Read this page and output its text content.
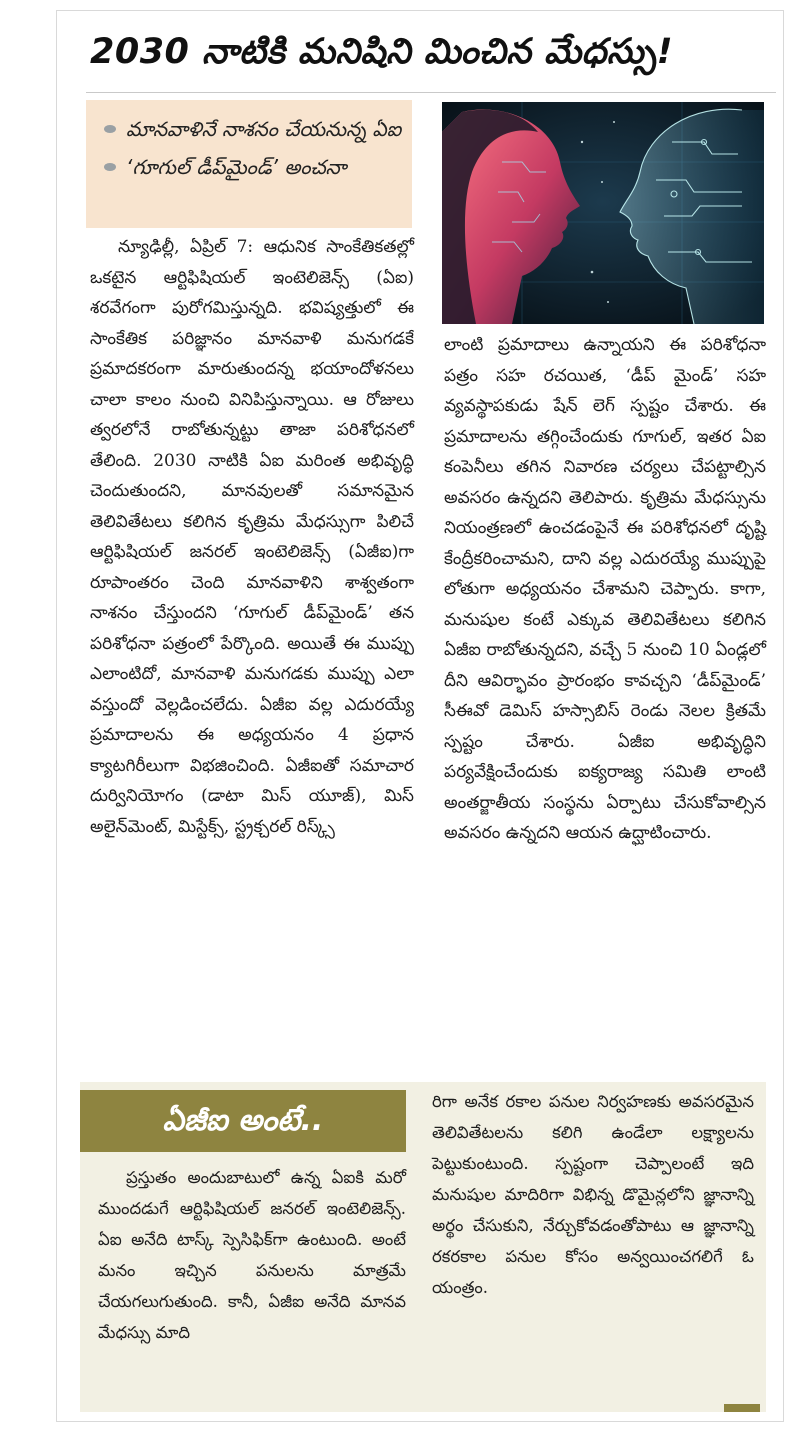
2030 నాటికి మనిషిని మించిన మేధస్సు!
మానవాళినే నాశనం చేయనున్న ఏఐ
‘గూగుల్ డీప్‌మైండ్’ అంచనా

న్యూఢిల్లీ, ఏప్రిల్ 7: ఆధునిక సాంకేతికతల్లో ఒకటైన ఆర్టిఫిషియల్ ఇంటెలిజెన్స్ (ఏఐ) శరవేగంగా పురోగమిస్తున్నది. భవిష్యత్తులో ఈ సాంకేతిక పరిజ్ఞానం మానవాళి మనుగడకే ప్రమాదకరంగా మారుతుందన్న భయాందోళనలు చాలా కాలం నుంచి వినిపిస్తున్నాయి. ఆ రోజులు త్వరలోనే రాబోతున్నట్టు తాజా పరిశోధనలో తేలింది. 2030 నాటికి ఏఐ మరింత అభివృద్ధి చెందుతుందని, మానవులతో సమానమైన తెలివితేటలు కలిగిన కృత్రిమ మేధస్సుగా పిలిచే ఆర్టిఫిషియల్ జనరల్ ఇంటెలిజెన్స్ (ఏజీఐ)గా రూపాంతరం చెంది మానవాళిని శాశ్వతంగా నాశనం చేస్తుందని ‘గూగుల్ డీప్‌మైండ్’ తన పరిశోధనా పత్రంలో పేర్కొంది. అయితే ఈ ముప్పు ఎలాంటిదో, మానవాళి మనుగడకు ముప్పు ఎలా వస్తుందో వెల్లడించలేదు. ఏజీఐ వల్ల ఎదురయ్యే ప్రమాదాలను ఈ అధ్యయనం 4 ప్రధాన క్యాటగిరీలుగా విభజించింది. ఏజీఐతో సమాచార దుర్వినియోగం (డాటా మిస్ యూజ్), మిస్ అలైన్‌మెంట్, మిస్టేక్స్, స్ట్రక్చరల్ రిస్క్స్

లాంటి ప్రమాదాలు ఉన్నాయని ఈ పరిశోధనా పత్రం సహ రచయిత, ‘డీప్ మైండ్’ సహ వ్యవస్థాపకుడు షేన్ లెగ్ స్పష్టం చేశారు. ఈ ప్రమాదాలను తగ్గించేందుకు గూగుల్, ఇతర ఏఐ కంపెనీలు తగిన నివారణ చర్యలు చేపట్టాల్సిన అవసరం ఉన్నదని తెలిపారు. కృత్రిమ మేధస్సును నియంత్రణలో ఉంచడంపైనే ఈ పరిశోధనలో దృష్టి కేంద్రీకరించామని, దాని వల్ల ఎదురయ్యే ముప్పుపై లోతుగా అధ్యయనం చేశామని చెప్పారు. కాగా, మనుషుల కంటే ఎక్కువ తెలివితేటలు కలిగిన ఏజీఐ రాబోతున్నదని, వచ్చే 5 నుంచి 10 ఏండ్లలో దీని ఆవిర్భావం ప్రారంభం కావచ్చని ‘డీప్‌మైండ్’ సీఈవో డెమిస్ హస్సాబిస్ రెండు నెలల క్రితమే స్పష్టం చేశారు. ఏజీఐ అభివృద్ధిని పర్యవేక్షించేందుకు ఐక్యరాజ్య సమితి లాంటి అంతర్జాతీయ సంస్థను ఏర్పాటు చేసుకోవాల్సిన అవసరం ఉన్నదని ఆయన ఉద్ఘాటించారు.

ఏజీఐ అంటే..

ప్రస్తుతం అందుబాటులో ఉన్న ఏఐకి మరో ముందడుగే ఆర్టిఫిషియల్ జనరల్ ఇంటెలిజెన్స్. ఏఐ అనేది టాస్క్ స్పెసిఫిక్‌గా ఉంటుంది. అంటే మనం ఇచ్చిన పనులను మాత్రమే చేయగలుగుతుంది. కానీ, ఏజీఐ అనేది మానవ మేధస్సు మాది

రిగా అనేక రకాల పనుల నిర్వహణకు అవసరమైన తెలివితేటలను కలిగి ఉండేలా లక్ష్యాలను పెట్టుకుంటుంది. స్పష్టంగా చెప్పాలంటే ఇది మనుషుల మాదిరిగా విభిన్న డొమైన్లలోని జ్ఞానాన్ని అర్థం చేసుకుని, నేర్చుకోవడంతోపాటు ఆ జ్ఞానాన్ని రకరకాల పనుల కోసం అన్వయించగలిగే ఓ యంత్రం.
